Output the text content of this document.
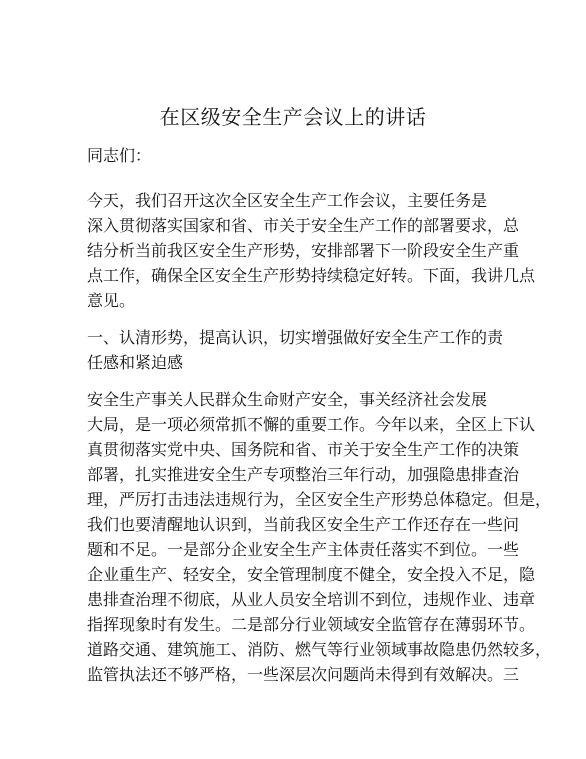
在区级安全生产会议上的讲话

同志们：

今天，我们召开这次全区安全生产工作会议，主要任务是

深入贯彻落实国家和省、市关于安全生产工作的部署要求，总

结分析当前我区安全生产形势，安排部署下一阶段安全生产重

点工作，确保全区安全生产形势持续稳定好转。下面，我讲几点

意见。

一、认清形势，提高认识，切实增强做好安全生产工作的责

任感和紧迫感

安全生产事关人民群众生命财产安全，事关经济社会发展

大局，是一项必须常抓不懈的重要工作。今年以来，全区上下认

真贯彻落实党中央、国务院和省、市关于安全生产工作的决策

部署，扎实推进安全生产专项整治三年行动，加强隐患排查治

理，严厉打击违法违规行为，全区安全生产形势总体稳定。但是，

我们也要清醒地认识到，当前我区安全生产工作还存在一些问

题和不足。一是部分企业安全生产主体责任落实不到位。一些

企业重生产、轻安全，安全管理制度不健全，安全投入不足，隐

患排查治理不彻底，从业人员安全培训不到位，违规作业、违章

指挥现象时有发生。二是部分行业领域安全监管存在薄弱环节。

道路交通、建筑施工、消防、燃气等行业领域事故隐患仍然较多，

监管执法还不够严格，一些深层次问题尚未得到有效解决。三
